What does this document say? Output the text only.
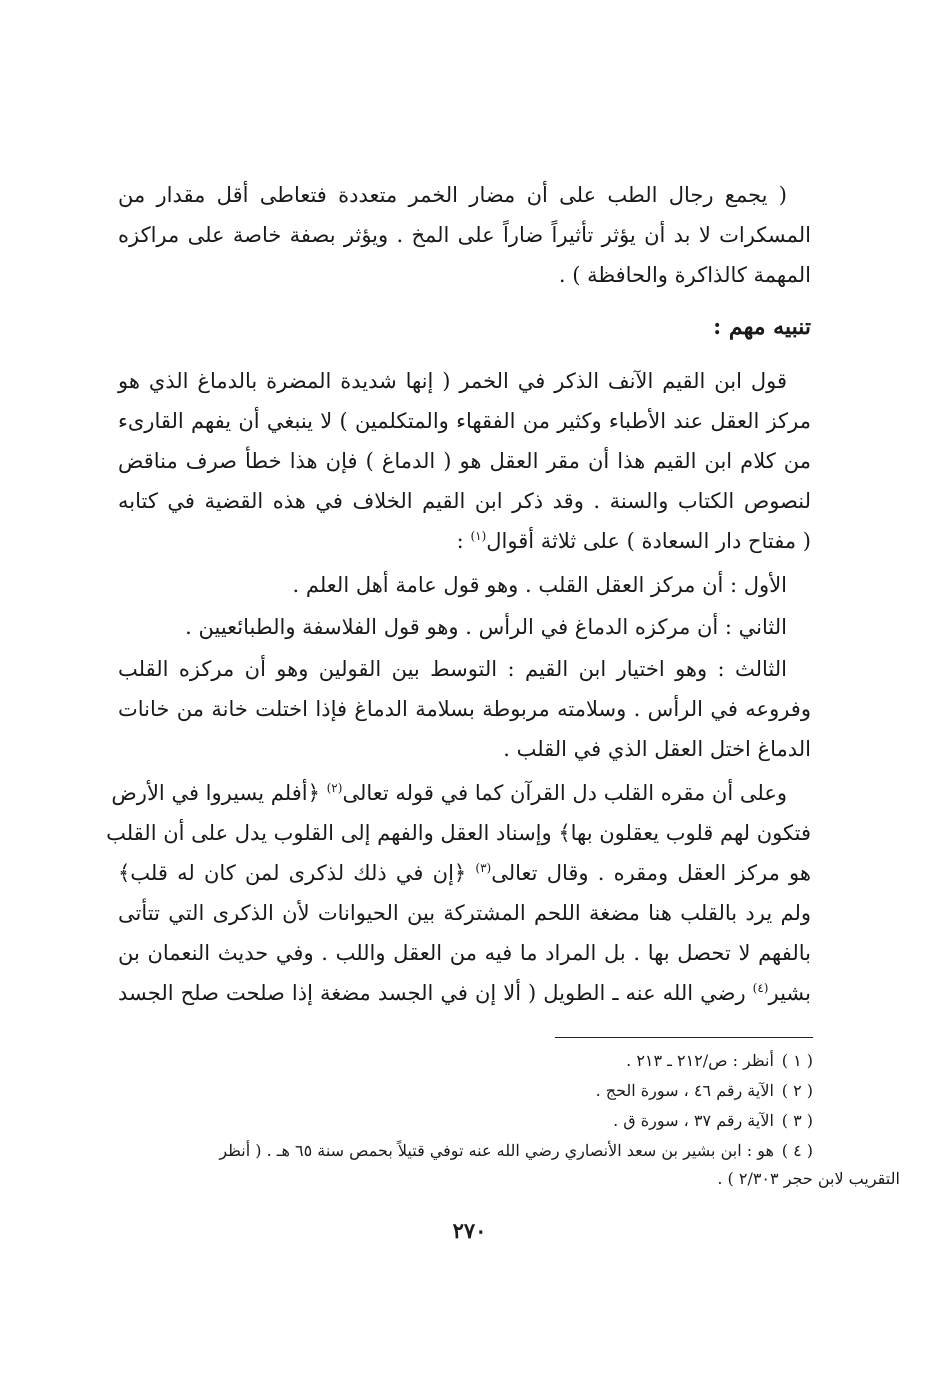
( يجمع رجال الطب على أن مضار الخمر متعددة فتعاطى أقل مقدار من
المسكرات لا بد أن يؤثر تأثيراً ضاراً على المخ . ويؤثر بصفة خاصة على مراكزه
المهمة كالذاكرة والحافظة ) .
تنبيه مهم :
قول ابن القيم الآنف الذكر في الخمر ( إنها شديدة المضرة بالدماغ الذي هو
مركز العقل عند الأطباء وكثير من الفقهاء والمتكلمين ) لا ينبغي أن يفهم القارىء
من كلام ابن القيم هذا أن مقر العقل هو ( الدماغ ) فإن هذا خطأ صرف مناقض
لنصوص الكتاب والسنة . وقد ذكر ابن القيم الخلاف في هذه القضية في كتابه
( مفتاح دار السعادة ) على ثلاثة أقوال$^{(١)}$ :
الأول : أن مركز العقل القلب . وهو قول عامة أهل العلم .
الثاني : أن مركزه الدماغ في الرأس . وهو قول الفلاسفة والطبائعيين .
الثالث : وهو اختيار ابن القيم : التوسط بين القولين وهو أن مركزه القلب
وفروعه في الرأس . وسلامته مربوطة بسلامة الدماغ فإذا اختلت خانة من خانات
الدماغ اختل العقل الذي في القلب .
وعلى أن مقره القلب دل القرآن كما في قوله تعالى$^{(٢)}$ ﴿أفلم يسيروا في الأرض
فتكون لهم قلوب يعقلون بها﴾ وإسناد العقل والفهم إلى القلوب يدل على أن القلب
هو مركز العقل ومقره . وقال تعالى$^{(٣)}$ ﴿إن في ذلك لذكرى لمن كان له قلب﴾
ولم يرد بالقلب هنا مضغة اللحم المشتركة بين الحيوانات لأن الذكرى التي تتأتى
بالفهم لا تحصل بها . بل المراد ما فيه من العقل واللب . وفي حديث النعمان بن
بشير$^{(٤)}$ رضي الله عنه ـ الطويل ( ألا إن في الجسد مضغة إذا صلحت صلح الجسد
( ١ ) أنظر : ص/٢١٢ ـ ٢١٣ .
( ٢ ) الآية رقم ٤٦ ، سورة الحج .
( ٣ ) الآية رقم ٣٧ ، سورة ق .
( ٤ ) هو : ابن بشير بن سعد الأنصاري رضي الله عنه توفي قتيلاً بحمص سنة ٦٥ هـ . ( أنظر
التقريب لابن حجر ٢/٣٠٣ ) .
٢٧٠
